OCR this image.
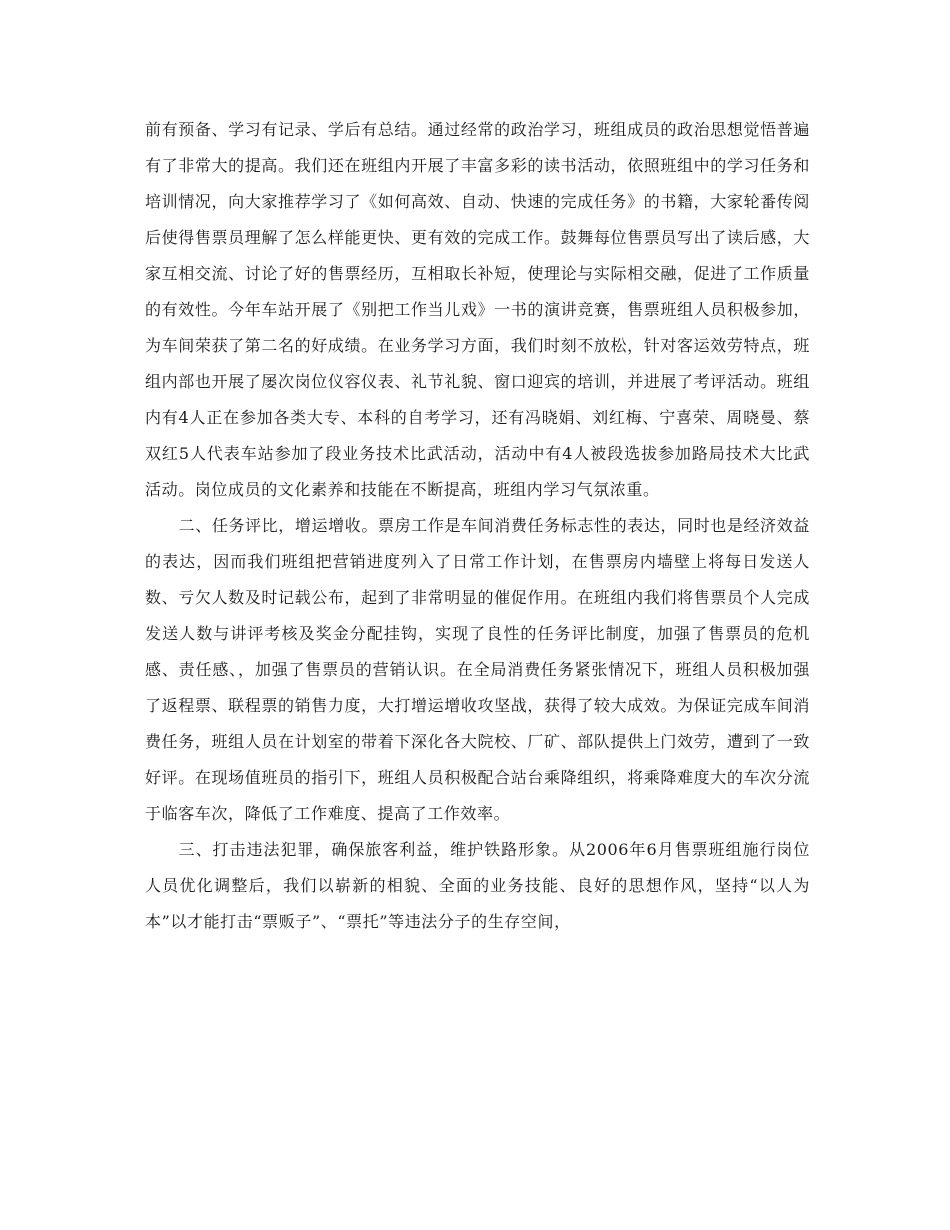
前有预备、学习有记录、学后有总结。通过经常的政治学习，班组成员的政治思想觉悟普遍有了非常大的提高。我们还在班组内开展了丰富多彩的读书活动，依照班组中的学习任务和培训情况，向大家推荐学习了《如何高效、自动、快速的完成任务》的书籍，大家轮番传阅后使得售票员理解了怎么样能更快、更有效的完成工作。鼓舞每位售票员写出了读后感，大家互相交流、讨论了好的售票经历，互相取长补短，使理论与实际相交融，促进了工作质量的有效性。今年车站开展了《别把工作当儿戏》一书的演讲竞赛，售票班组人员积极参加，为车间荣获了第二名的好成绩。在业务学习方面，我们时刻不放松，针对客运效劳特点，班组内部也开展了屡次岗位仪容仪表、礼节礼貌、窗口迎宾的培训，并进展了考评活动。班组内有4人正在参加各类大专、本科的自考学习，还有冯晓娟、刘红梅、宁喜荣、周晓曼、蔡双红5人代表车站参加了段业务技术比武活动，活动中有4人被段选拔参加路局技术大比武活动。岗位成员的文化素养和技能在不断提高，班组内学习气氛浓重。

二、任务评比，增运增收。票房工作是车间消费任务标志性的表达，同时也是经济效益的表达，因而我们班组把营销进度列入了日常工作计划，在售票房内墙壁上将每日发送人数、亏欠人数及时记载公布，起到了非常明显的催促作用。在班组内我们将售票员个人完成发送人数与讲评考核及奖金分配挂钩，实现了良性的任务评比制度，加强了售票员的危机感、责任感、，加强了售票员的营销认识。在全局消费任务紧张情况下，班组人员积极加强了返程票、联程票的销售力度，大打增运增收攻坚战，获得了较大成效。为保证完成车间消费任务，班组人员在计划室的带着下深化各大院校、厂矿、部队提供上门效劳，遭到了一致好评。在现场值班员的指引下，班组人员积极配合站台乘降组织，将乘降难度大的车次分流于临客车次，降低了工作难度、提高了工作效率。

三、打击违法犯罪，确保旅客利益，维护铁路形象。从2006年6月售票班组施行岗位人员优化调整后，我们以崭新的相貌、全面的业务技能、良好的思想作风，坚持“以人为本”以才能打击“票贩子”、“票托”等违法分子的生存空间，
